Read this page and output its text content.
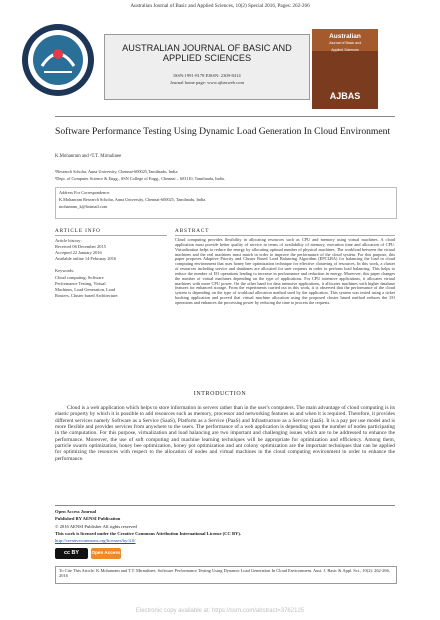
Australian Journal of Basic and Applied Sciences, 10(2) Special 2016, Pages: 262-266
AUSTRALIAN JOURNAL OF BASIC AND
APPLIED SCIENCES
ISSN:1991-8178 EISSN: 2309-8414
Journal home page: www.ajbasweb.com
Australian
Journal of Basic and
Applied Sciences
AJBAS
Software Performance Testing Using Dynamic Load Generation In Cloud Environment
K.Mohanram and ²T.T. Mirnalinee
¹Research Scholar, Anna University, Chennai-600025,Tamilnadu, India.
²Dept. of Computer Science & Engg., SSN College of Engg., Chennai – 603110, Tamilnadu, India.
Address For Correspondence:
K.Mohanram Research Scholar, Anna University, Chennai-600025, Tamilnadu, India.
mohanram_k@hotmail.com
ARTICLE INFO
Article history:
Received 06 December 2015
Accepted 22 January 2016
Available online 14 February 2016
Keywords:
Cloud computing, Software
Performance Testing, Virtual
Machines, Load Generation, Load
Routers, Cluster based Architecture.
ABSTRACT
Cloud computing provides flexibility in allocating resources such as CPU and memory using virtual machines. A cloud application must provide better quality of service in terms of availability of memory, execution time and allocation of CPU. Virtualization helps to reduce the energy by allocating optimal number of physical machines. The workload between the virtual machines and the real machines must match in order to improve the performance of the cloud system. For this purpose, this paper proposes Adaptive Priority and Cluster Based Load Balancing Algorithm (EPCLBA) for balancing the load in cloud computing environment that uses honey bee optimization technique for effective clustering of resources. In this work, a cluster of resources including service and databases are allocated for user requests in order to perform load balancing. This helps to reduce the number of I/O operations leading to increase in performance and reduction in energy. Moreover, this paper changes the number of virtual machines depending on the type of applications. For CPU intensive applications, it allocates virtual machines with more CPU power. On the other hand for data intensive applications, it allocates machines with higher database features for enhanced storage. From the experiments carried out in this work, it is observed that the performance of the cloud system is depending on the type of workload allocation method used by the application. This system was tested using a ticket booking application and proved that virtual machine allocation using the proposed cluster based method reduces the I/O operations and enhances the processing power by reducing the time to process the requests.
INTRODUCTION
Cloud is a web application which helps to store information in servers rather than in the user's computers. The main advantage of cloud computing is its elastic property by which it is possible to add resources such as memory, processor and networking features as and when it is required. Therefore, it provides different services namely Software as a Service (SaaS), Platform as a Service (PaaS) and Infrastructure as a Service (IaaS). It is a pay per use model and is more flexible and provides services from anywhere to the users. The performance of a web application is depending upon the number of nodes participating in the computation. For this purpose, virtualization and load balancing are two important and challenging issues which are to be addressed to enhance the performance. Moreover, the use of soft computing and machine learning techniques will be appropriate for optimization and efficiency. Among them, particle swarm optimization, honey bee optimization, honey pot optimization and ant colony optimization are the important techniques that can be applied for optimizing the resources with respect to the allocation of nodes and virtual machines in the cloud computing environment in order to enhance the performance.
Open Access Journal
Published BY AENSI Publication
© 2016 AENSI Publisher All rights reserved
This work is licensed under the Creative Commons Attribution International License (CC BY).
http://creativecommons.org/licenses/by/4.0/
cc BY	Open Access
To Cite This Article: K.Mohanram and T.T. Mirnalinee, Software Performance Testing Using Dynamic Load Generation In Cloud Environment. Aust. J. Basic & Appl. Sci., 10(2): 262-266, 2016
Electronic copy available at: https://ssrn.com/abstract=3762125
